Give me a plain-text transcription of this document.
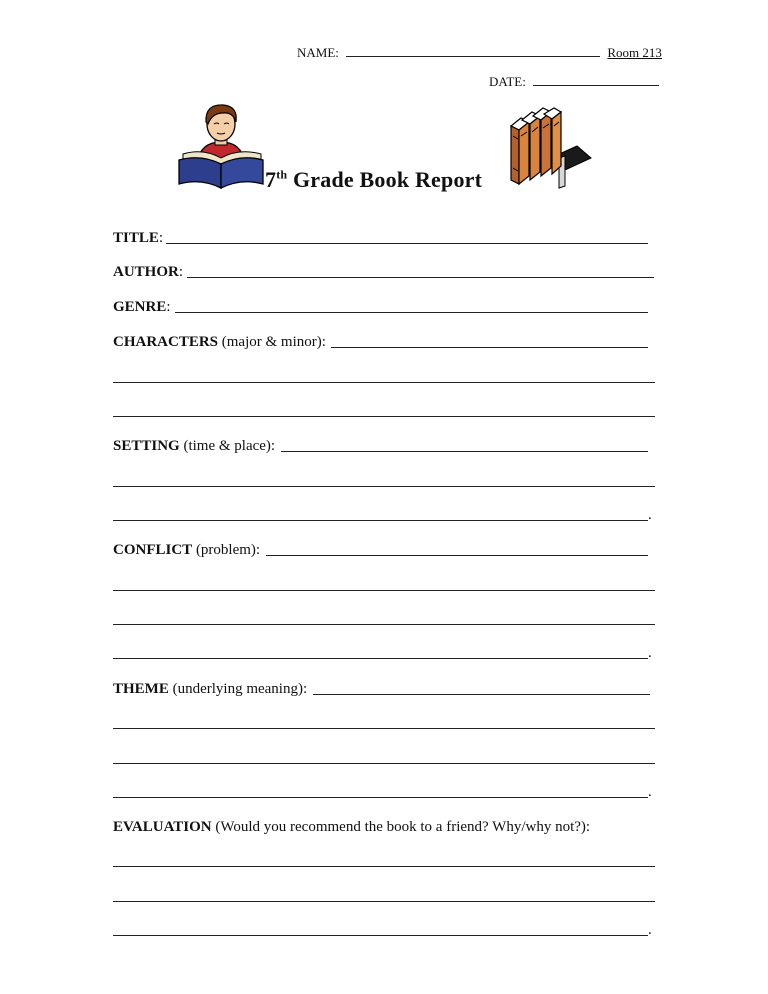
NAME:	Room 213
DATE:
7th Grade Book Report
TITLE:
AUTHOR:
GENRE:
CHARACTERS (major & minor):
SETTING (time & place):
.
CONFLICT (problem):
.
THEME (underlying meaning):
.
EVALUATION (Would you recommend the book to a friend? Why/why not?):
.
